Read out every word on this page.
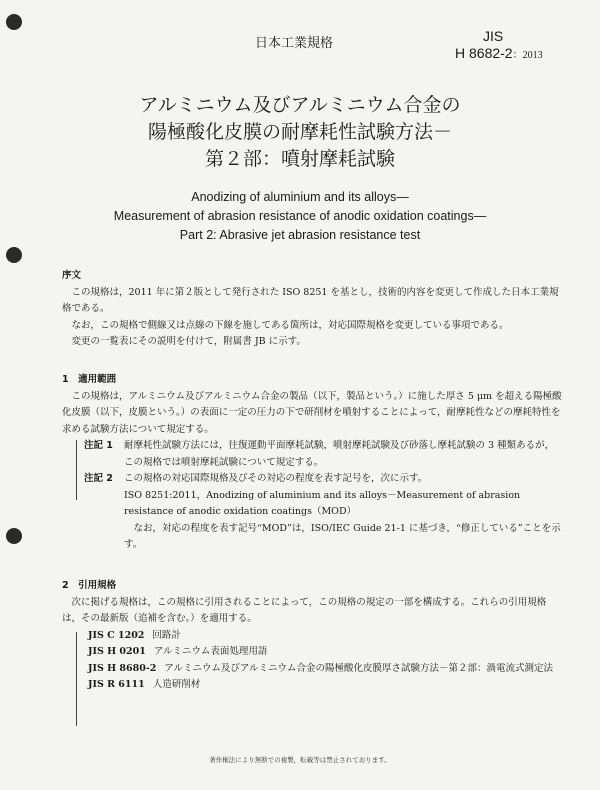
日本工業規格	JIS
H 8682-2：2013
アルミニウム及びアルミニウム合金の
陽極酸化皮膜の耐摩耗性試験方法－
第２部：噴射摩耗試験
Anodizing of aluminium and its alloys—
Measurement of abrasion resistance of anodic oxidation coatings—
Part 2: Abrasive jet abrasion resistance test
序文
この規格は，2011 年に第２版として発行された ISO 8251 を基とし，技術的内容を変更して作成した日本工業規格である。
なお，この規格で側線又は点線の下線を施してある箇所は，対応国際規格を変更している事項である。
変更の一覧表にその説明を付けて，附属書 JB に示す。
1　適用範囲
この規格は，アルミニウム及びアルミニウム合金の製品（以下，製品という。）に施した厚さ 5 μm を超える陽極酸化皮膜（以下，皮膜という。）の表面に一定の圧力の下で研削材を噴射することによって，耐摩耗性などの摩耗特性を求める試験方法について規定する。
注記 1	耐摩耗性試験方法には，往復運動平面摩耗試験，噴射摩耗試験及び砂落し摩耗試験の 3 種類あるが，この規格では噴射摩耗試験について規定する。
注記 2	この規格の対応国際規格及びその対応の程度を表す記号を，次に示す。
ISO 8251:2011，Anodizing of aluminium and its alloys－Measurement of abrasion resistance of anodic oxidation coatings（MOD）
なお，対応の程度を表す記号“MOD”は，ISO/IEC Guide 21-1 に基づき，“修正している”ことを示す。
2　引用規格
次に掲げる規格は，この規格に引用されることによって，この規格の規定の一部を構成する。これらの引用規格は，その最新版（追補を含む。）を適用する。
JIS C 1202 回路計
JIS H 0201 アルミニウム表面処理用語
JIS H 8680-2 アルミニウム及びアルミニウム合金の陽極酸化皮膜厚さ試験方法－第２部：渦電流式測定法
JIS R 6111 人造研削材
著作権法により無断での複製，転載等は禁止されております。
